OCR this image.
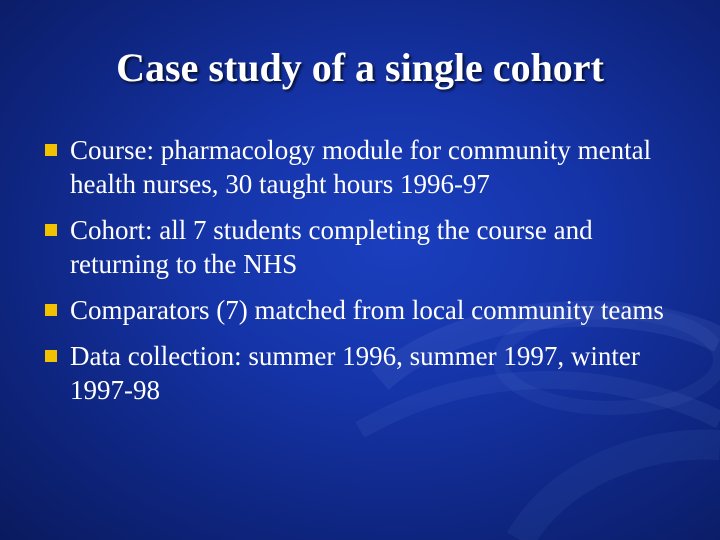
Case study of a single cohort
Course: pharmacology module for community mental health nurses, 30 taught hours 1996-97
Cohort: all 7 students completing the course and returning to the NHS
Comparators (7) matched from local community teams
Data collection: summer 1996, summer 1997, winter 1997-98
